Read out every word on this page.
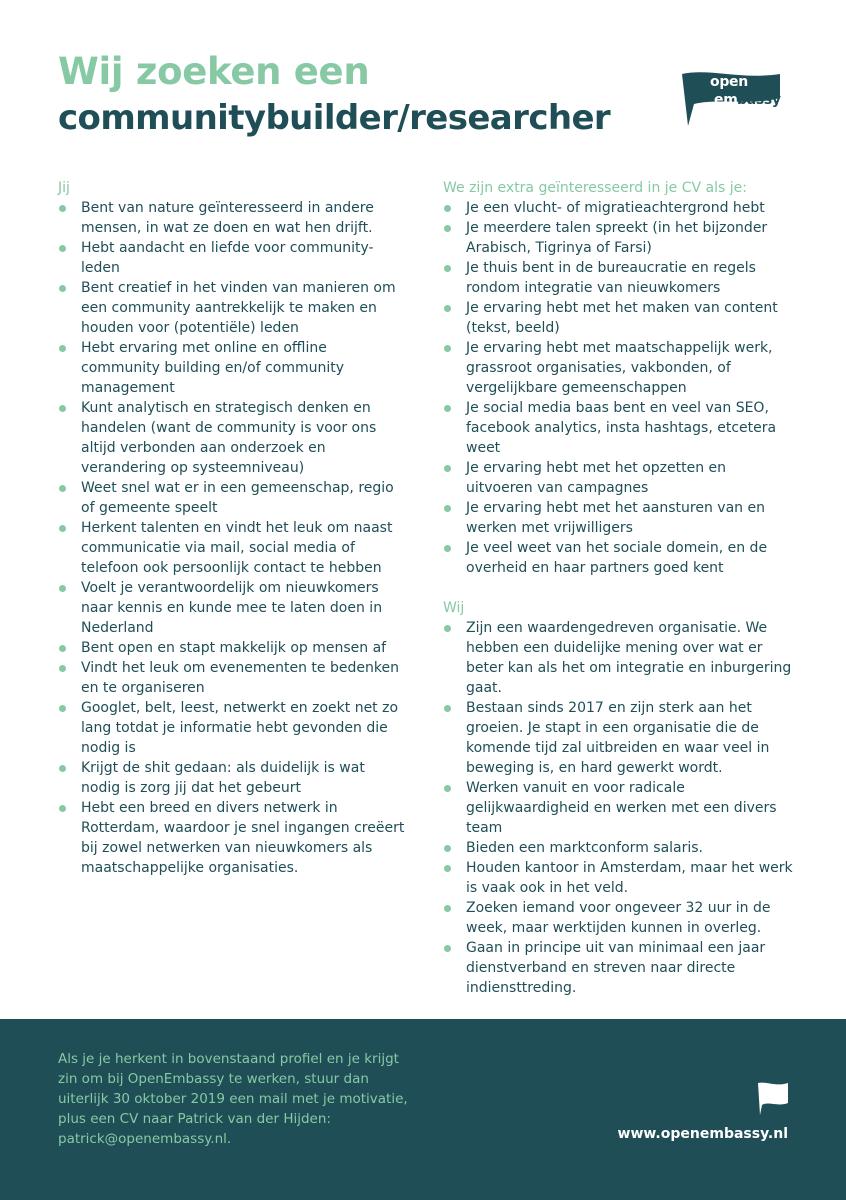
Wij zoeken een
communitybuilder/researcher
open
em bassy

Jij

Bent van nature geïnteresseerd in andere mensen, in wat ze doen en wat hen drijft.
Hebt aandacht en liefde voor community-leden
Bent creatief in het vinden van manieren om een community aantrekkelijk te maken en houden voor (potentiële) leden
Hebt ervaring met online en offline community building en/of community management
Kunt analytisch en strategisch denken en handelen (want de community is voor ons altijd verbonden aan onderzoek en verandering op systeemniveau)
Weet snel wat er in een gemeenschap, regio of gemeente speelt
Herkent talenten en vindt het leuk om naast communicatie via mail, social media of telefoon ook persoonlijk contact te hebben
Voelt je verantwoordelijk om nieuwkomers naar kennis en kunde mee te laten doen in Nederland
Bent open en stapt makkelijk op mensen af
Vindt het leuk om evenementen te bedenken en te organiseren
Googlet, belt, leest, netwerkt en zoekt net zo lang totdat je informatie hebt gevonden die nodig is
Krijgt de shit gedaan: als duidelijk is wat nodig is zorg jij dat het gebeurt
Hebt een breed en divers netwerk in Rotterdam, waardoor je snel ingangen creëert bij zowel netwerken van nieuwkomers als maatschappelijke organisaties.

We zijn extra geïnteresseerd in je CV als je:

Je een vlucht- of migratieachtergrond hebt
Je meerdere talen spreekt (in het bijzonder Arabisch, Tigrinya of Farsi)
Je thuis bent in de bureaucratie en regels rondom integratie van nieuwkomers
Je ervaring hebt met het maken van content (tekst, beeld)
Je ervaring hebt met maatschappelijk werk, grassroot organisaties, vakbonden, of vergelijkbare gemeenschappen
Je social media baas bent en veel van SEO, facebook analytics, insta hashtags, etcetera weet
Je ervaring hebt met het opzetten en uitvoeren van campagnes
Je ervaring hebt met het aansturen van en werken met vrijwilligers
Je veel weet van het sociale domein, en de overheid en haar partners goed kent

Wij

Zijn een waardengedreven organisatie. We hebben een duidelijke mening over wat er beter kan als het om integratie en inburgering gaat.
Bestaan sinds 2017 en zijn sterk aan het groeien. Je stapt in een organisatie die de komende tijd zal uitbreiden en waar veel in beweging is, en hard gewerkt wordt.
Werken vanuit en voor radicale gelijkwaardigheid en werken met een divers team
Bieden een marktconform salaris.
Houden kantoor in Amsterdam, maar het werk is vaak ook in het veld.
Zoeken iemand voor ongeveer 32 uur in de week, maar werktijden kunnen in overleg.
Gaan in principe uit van minimaal een jaar dienstverband en streven naar directe indiensttreding.
Als je je herkent in bovenstaand profiel en je krijgt zin om bij OpenEmbassy te werken, stuur dan uiterlijk 30 oktober 2019 een mail met je motivatie, plus een CV naar Patrick van der Hijden: patrick@openembassy.nl.	www.openembassy.nl
